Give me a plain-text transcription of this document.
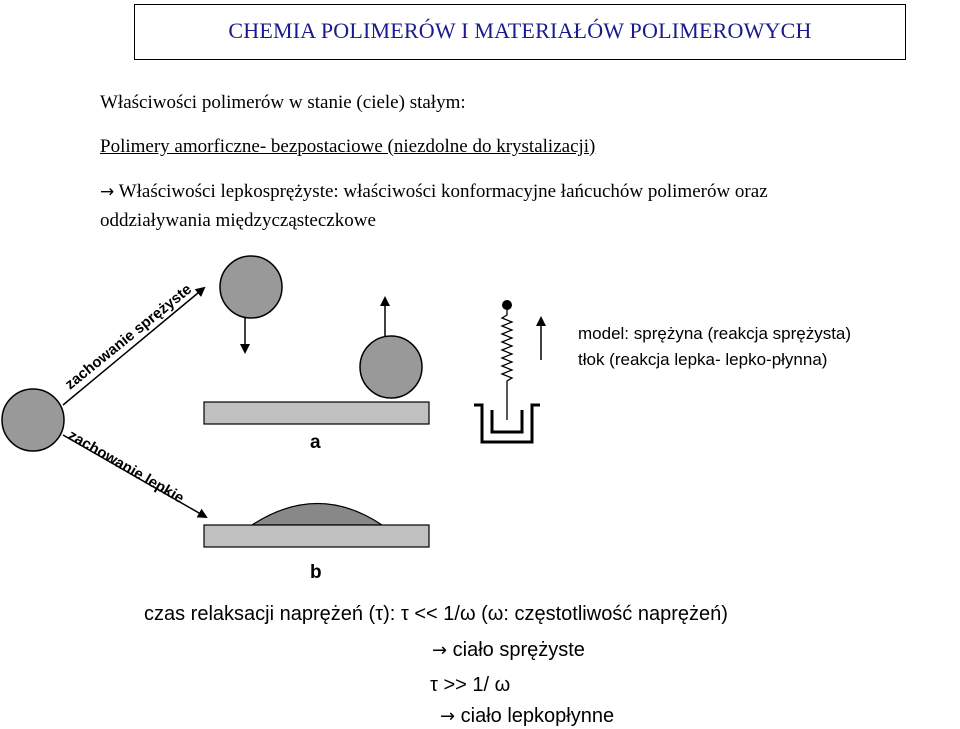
CHEMIA POLIMERÓW I MATERIAŁÓW POLIMEROWYCH
Właściwości polimerów w stanie (ciele) stałym:
Polimery amorficzne- bezpostaciowe (niezdolne do krystalizacji)
→ Właściwości lepkosprężyste: właściwości konformacyjne łańcuchów polimerów oraz
oddziaływania międzycząsteczkowe
zachowanie sprężyste
zachowanie lepkie	a
b
model: sprężyna (reakcja sprężysta)
tłok (reakcja lepka- lepko-płynna)
czas relaksacji naprężeń (τ): τ << 1/ω (ω: częstotliwość naprężeń)
→ ciało sprężyste
τ >> 1/ ω
→ ciało lepkopłynne
